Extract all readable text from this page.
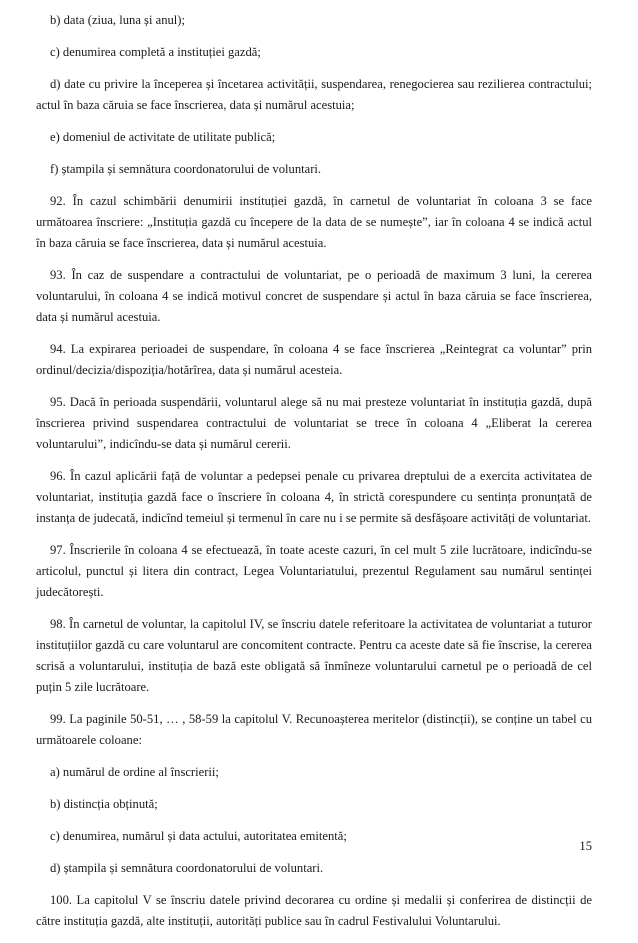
b) data (ziua, luna și anul);

c) denumirea completă a instituției gazdă;

d) date cu privire la începerea și încetarea activității, suspendarea, renegocierea sau rezilierea contractului; actul în baza căruia se face înscrierea, data și numărul acestuia;

e) domeniul de activitate de utilitate publică;

f) ștampila și semnătura coordonatorului de voluntari.

92. În cazul schimbării denumirii instituției gazdă, în carnetul de voluntariat în coloana 3 se face următoarea înscriere: „Instituția gazdă cu începere de la data de se numește”, iar în coloana 4 se indică actul în baza căruia se face înscrierea, data și numărul acestuia.

93. În caz de suspendare a contractului de voluntariat, pe o perioadă de maximum 3 luni, la cererea voluntarului, în coloana 4 se indică motivul concret de suspendare și actul în baza căruia se face înscrierea, data și numărul acestuia.

94. La expirarea perioadei de suspendare, în coloana 4 se face înscrierea „Reintegrat ca voluntar” prin ordinul/decizia/dispoziția/hotărîrea, data și numărul acesteia.

95. Dacă în perioada suspendării, voluntarul alege să nu mai presteze voluntariat în instituția gazdă, după înscrierea privind suspendarea contractului de voluntariat se trece în coloana 4 „Eliberat la cererea voluntarului”, indicîndu-se data și numărul cererii.

96. În cazul aplicării față de voluntar a pedepsei penale cu privarea dreptului de a exercita activitatea de voluntariat, instituția gazdă face o înscriere în coloana 4, în strictă corespundere cu sentința pronunțată de instanța de judecată, indicînd temeiul și termenul în care nu i se permite să desfășoare activități de voluntariat.

97. Înscrierile în coloana 4 se efectuează, în toate aceste cazuri, în cel mult 5 zile lucrătoare, indicîndu-se articolul, punctul și litera din contract, Legea Voluntariatului, prezentul Regulament sau numărul sentinței judecătorești.

98. În carnetul de voluntar, la capitolul IV, se înscriu datele referitoare la activitatea de voluntariat a tuturor instituțiilor gazdă cu care voluntarul are concomitent contracte. Pentru ca aceste date să fie înscrise, la cererea scrisă a voluntarului, instituția de bază este obligată să înmîneze voluntarului carnetul pe o perioadă de cel puțin 5 zile lucrătoare.

99. La paginile 50-51, … , 58-59 la capitolul V. Recunoașterea meritelor (distincții), se conține un tabel cu următoarele coloane:

a) numărul de ordine al înscrierii;

b) distincția obținută;

c) denumirea, numărul și data actului, autoritatea emitentă;

d) ștampila și semnătura coordonatorului de voluntari.

100. La capitolul V se înscriu datele privind decorarea cu ordine și medalii și conferirea de distincții de către instituția gazdă, alte instituții, autorități publice sau în cadrul Festivalului Voluntarului.

15
